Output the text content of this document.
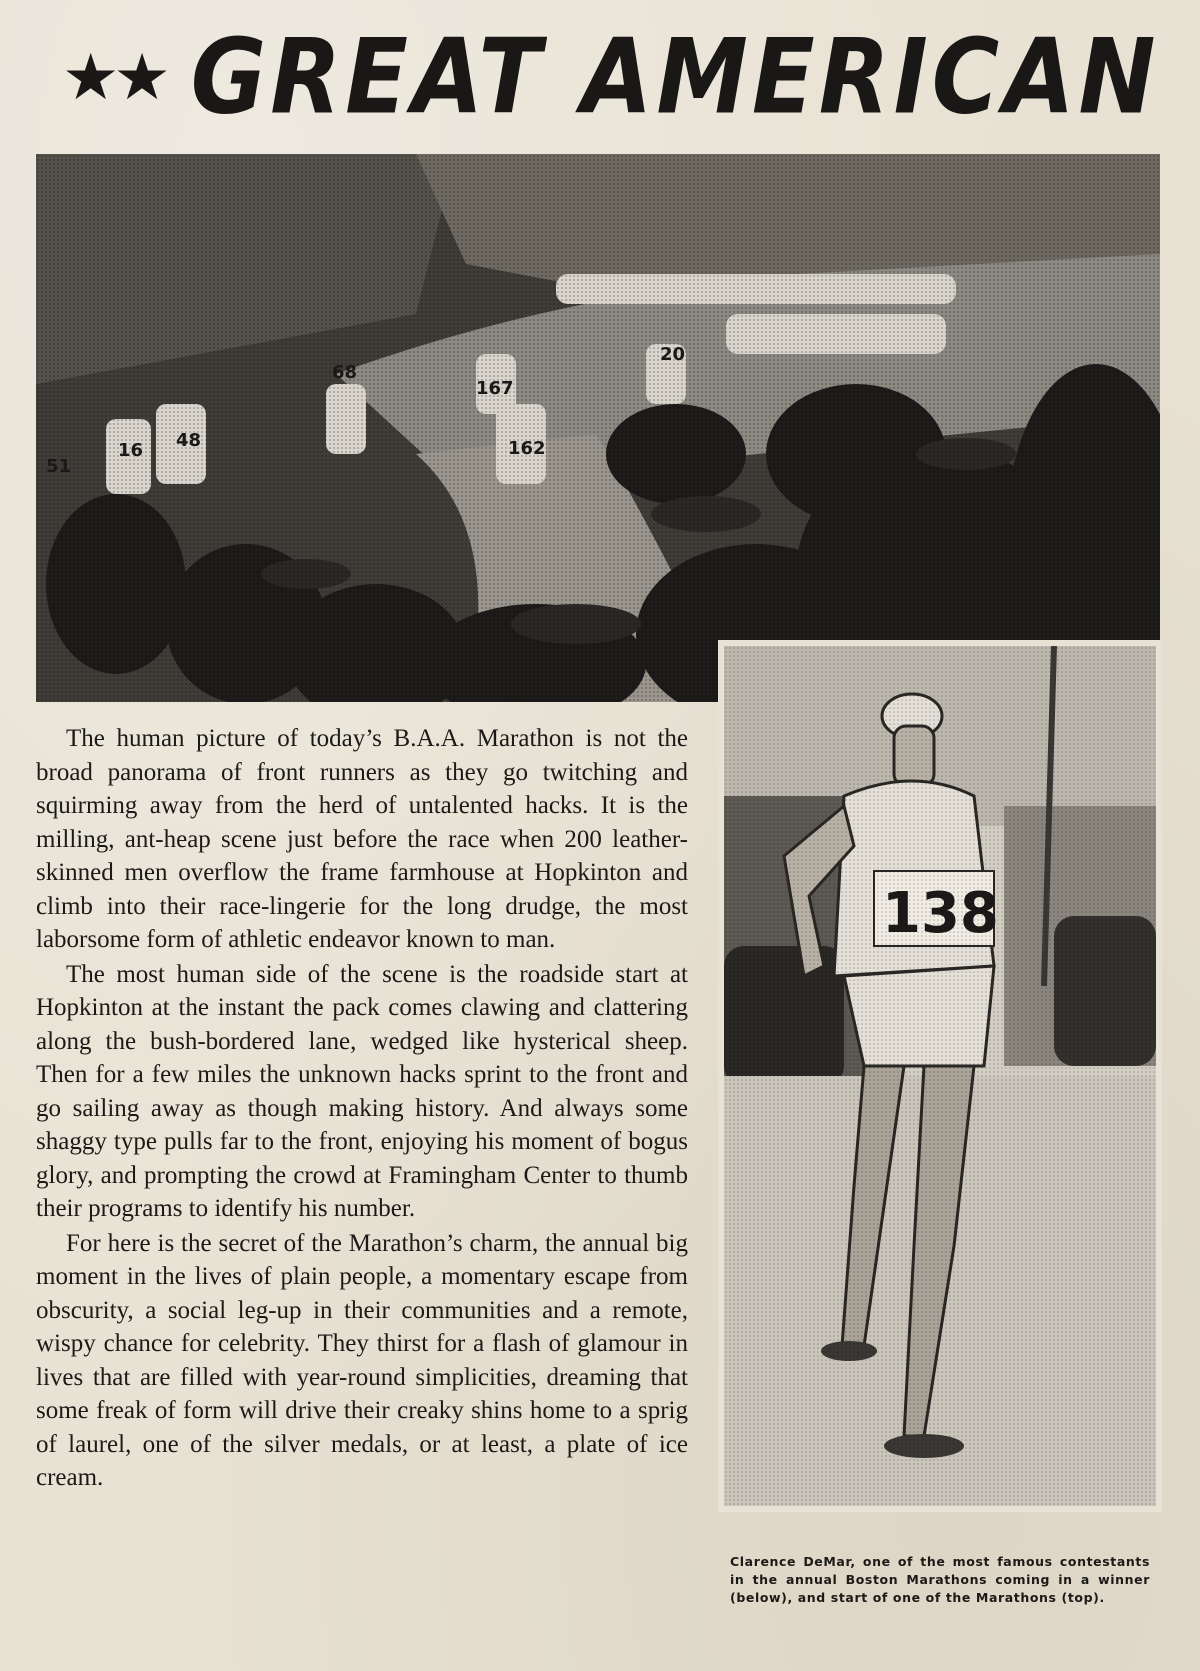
★★ GREAT AMERICAN

The human picture of today’s B.A.A. Marathon is not the broad panorama of front runners as they go twitching and squirming away from the herd of untalented hacks. It is the milling, ant-heap scene just before the race when 200 leather-skinned men overflow the frame farmhouse at Hopkinton and climb into their race-lingerie for the long drudge, the most laborsome form of athletic endeavor known to man.

The most human side of the scene is the roadside start at Hopkinton at the instant the pack comes clawing and clattering along the bush-bordered lane, wedged like hysterical sheep. Then for a few miles the unknown hacks sprint to the front and go sailing away as though making history. And always some shaggy type pulls far to the front, enjoying his moment of bogus glory, and prompting the crowd at Framingham Center to thumb their programs to identify his number.

For here is the secret of the Marathon’s charm, the annual big moment in the lives of plain people, a momentary escape from obscurity, a social leg-up in their communities and a remote, wispy chance for celebrity. They thirst for a flash of glamour in lives that are filled with year-round simplicities, dreaming that some freak of form will drive their creaky shins home to a sprig of laurel, one of the silver medals, or at least, a plate of ice cream.

Clarence DeMar, one of the most famous contestants in the annual Boston Marathons coming in a winner (below), and start of one of the Marathons (top).
